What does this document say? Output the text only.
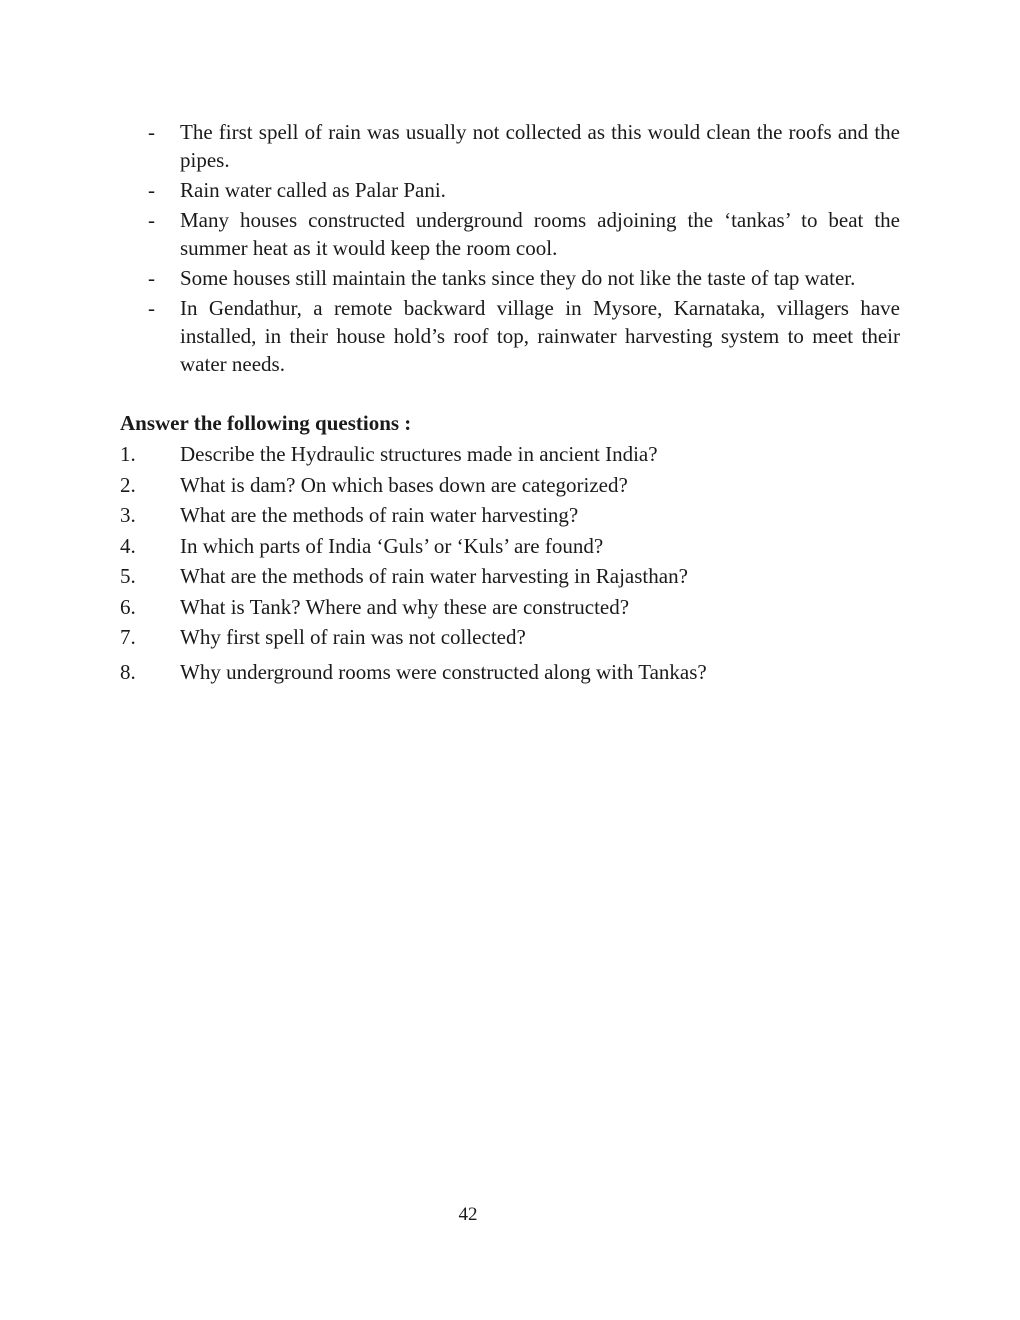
-	The first spell of rain was usually not collected as this would clean the roofs and the pipes.
-	Rain water called as Palar Pani.
-	Many houses constructed underground rooms adjoining the ‘tankas’ to beat the summer heat as it would keep the room cool.
-	Some houses still maintain the tanks since they do not like the taste of tap water.
-	In Gendathur, a remote backward village in Mysore, Karnataka, villagers have installed, in their house hold’s roof top, rainwater harvesting system to meet their water needs.
Answer the following questions :
1.	Describe the Hydraulic structures made in ancient India?
2.	What is dam? On which bases down are categorized?
3.	What are the methods of rain water harvesting?
4.	In which parts of India ‘Guls’ or ‘Kuls’ are found?
5.	What are the methods of rain water harvesting in Rajasthan?
6.	What is Tank? Where and why these are constructed?
7.	Why first spell of rain was not collected?
8.	Why underground rooms were constructed along with Tankas?
42
